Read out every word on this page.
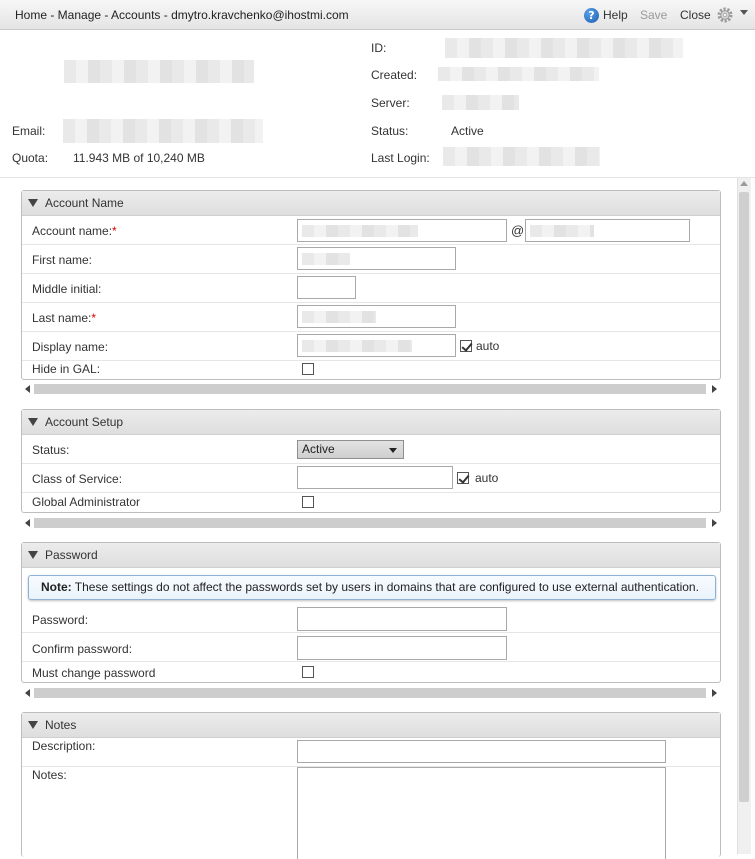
Home - Manage - Accounts - dmytro.kravchenko@ihostmi.com	? Help Save Close
Email:
Quota: 11.943 MB of 10,240 MB
ID:
Created:
Server:
Status:	Active
Last Login:
Account Name
Account name:*	@
First name:
Middle initial:
Last name:*
Display name:	auto
Hide in GAL:
Account Setup
Status:	Active
Class of Service:	auto
Global Administrator
Password
Note: These settings do not affect the passwords set by users in domains that are configured to use external authentication.
Password:
Confirm password:
Must change password
Notes
Description:
Notes:
